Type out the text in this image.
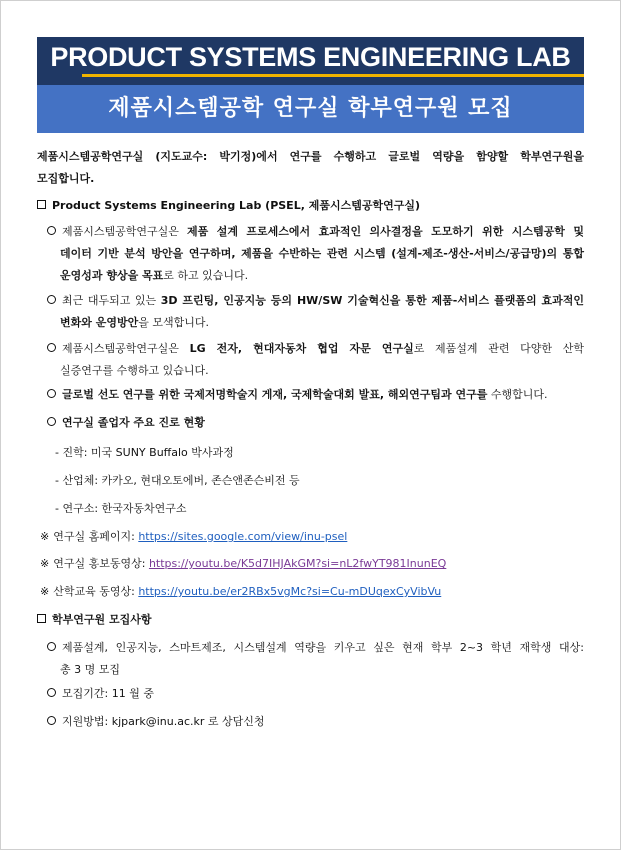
PRODUCT SYSTEMS ENGINEERING LAB
제품시스템공학 연구실 학부연구원 모집
제품시스템공학연구실 (지도교수: 박기정)에서 연구를 수행하고 글로벌 역량을 함양할 학부연구원을
모집합니다.
Product Systems Engineering Lab (PSEL, 제품시스템공학연구실)
제품시스템공학연구실은 제품 설계 프로세스에서 효과적인 의사결정을 도모하기 위한 시스템공학 및
데이터 기반 분석 방안을 연구하며, 제품을 수반하는 관련 시스템 (설계-제조-생산-서비스/공급망)의 통합
운영성과 향상을 목표로 하고 있습니다.
최근 대두되고 있는 3D 프린팅, 인공지능 등의 HW/SW 기술혁신을 통한 제품-서비스 플랫폼의 효과적인
변화와 운영방안을 모색합니다.
제품시스템공학연구실은 LG 전자, 현대자동차 협업 자문 연구실로 제품설계 관련 다양한 산학
실증연구를 수행하고 있습니다.
글로벌 선도 연구를 위한 국제저명학술지 게재, 국제학술대회 발표, 해외연구팀과 연구를 수행합니다.
연구실 졸업자 주요 진로 현황
- 진학: 미국 SUNY Buffalo 박사과정
- 산업체: 카카오, 현대오토에버, 존슨앤존슨비전 등
- 연구소: 한국자동차연구소
※ 연구실 홈페이지: https://sites.google.com/view/inu-psel
※ 연구실 홍보동영상: https://youtu.be/K5d7IHJAkGM?si=nL2fwYT981InunEQ
※ 산학교육 동영상: https://youtu.be/er2RBx5vgMc?si=Cu-mDUqexCyVibVu
학부연구원 모집사항
제품설계, 인공지능, 스마트제조, 시스템설계 역량을 키우고 싶은 현재 학부 2~3 학년 재학생 대상:
총 3 명 모집
모집기간: 11 월 중
지원방법: kjpark@inu.ac.kr 로 상담신청
